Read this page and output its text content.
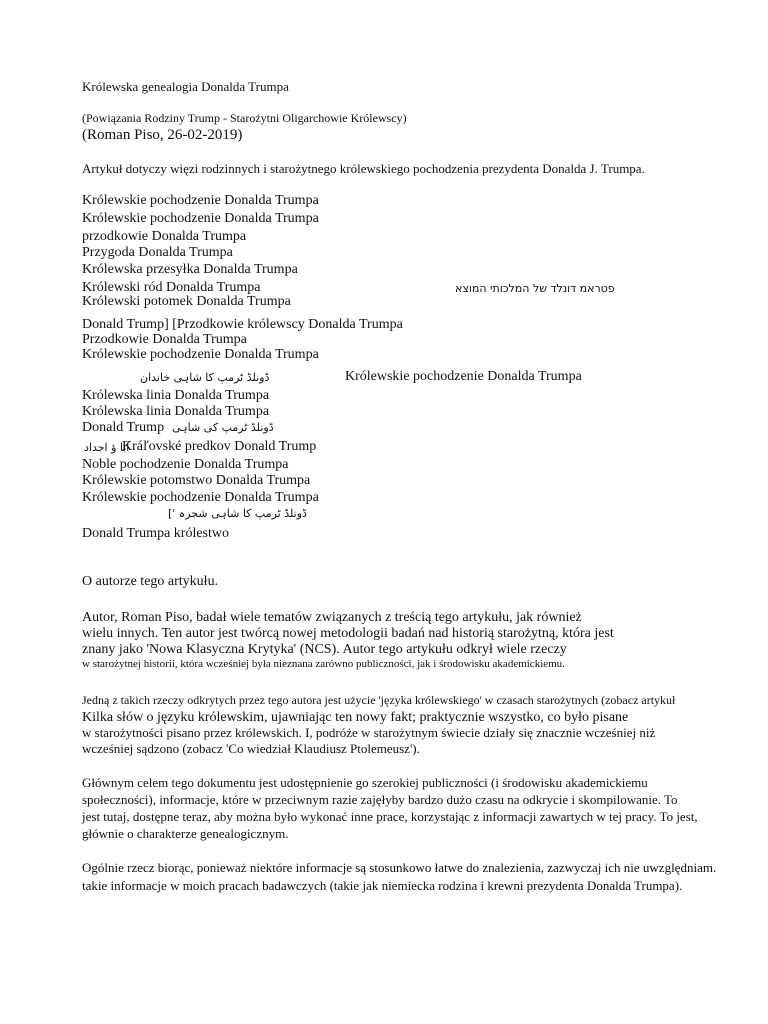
Królewska genealogia Donalda Trumpa
(Powiązania Rodziny Trump - Starożytni Oligarchowie Królewscy)
(Roman Piso, 26-02-2019)
Artykuł dotyczy więzi rodzinnych i starożytnego królewskiego pochodzenia prezydenta Donalda J. Trumpa.
Królewskie pochodzenie Donalda Trumpa
Królewskie pochodzenie Donalda Trumpa
przodkowie Donalda Trumpa
Przygoda Donalda Trumpa
Królewska przesyłka Donalda Trumpa
Królewski ród Donalda Trumpa	פטראמ דונלד של המלכותי המוצא
Królewski potomek Donalda Trumpa
Donald Trump] [Przodkowie królewscy Donalda Trumpa
Przodkowie Donalda Trumpa
Królewskie pochodzenie Donalda Trumpa
ڈونلڈ ٹرمپ کا شاہی خاندان	Królewskie pochodzenie Donalda Trumpa
Królewska linia Donalda Trumpa
Królewska linia Donalda Trumpa
Donald Trump ڈونلڈ ٹرمپ کی شاہی
آبا ؤ اجداد
Kráľovské predkov Donald Trump
Noble pochodzenie Donalda Trumpa
Królewskie potomstwo Donalda Trumpa
Królewskie pochodzenie Donalda Trumpa
ڈونلڈ ٹرمپ کا شاہی شجرہ ']
Donald Trumpa królestwo
O autorze tego artykułu.
Autor, Roman Piso, badał wiele tematów związanych z treścią tego artykułu, jak również
wielu innych. Ten autor jest twórcą nowej metodologii badań nad historią starożytną, która jest
znany jako 'Nowa Klasyczna Krytyka' (NCS). Autor tego artykułu odkrył wiele rzeczy
w starożytnej historii, która wcześniej była nieznana zarówno publiczności, jak i środowisku akademickiemu.
Jedną z takich rzeczy odkrytych przez tego autora jest użycie 'języka królewskiego' w czasach starożytnych (zobacz artykuł
Kilka słów o języku królewskim, ujawniając ten nowy fakt; praktycznie wszystko, co było pisane
w starożytności pisano przez królewskich. I, podróże w starożytnym świecie działy się znacznie wcześniej niż
wcześniej sądzono (zobacz 'Co wiedział Klaudiusz Ptolemeusz').
Głównym celem tego dokumentu jest udostępnienie go szerokiej publiczności (i środowisku akademickiemu
społeczności), informacje, które w przeciwnym razie zajęłyby bardzo dużo czasu na odkrycie i skompilowanie. To
jest tutaj, dostępne teraz, aby można było wykonać inne prace, korzystając z informacji zawartych w tej pracy. To jest,
głównie o charakterze genealogicznym.
Ogólnie rzecz biorąc, ponieważ niektóre informacje są stosunkowo łatwe do znalezienia, zazwyczaj ich nie uwzględniam.
takie informacje w moich pracach badawczych (takie jak niemiecka rodzina i krewni prezydenta Donalda Trumpa).
